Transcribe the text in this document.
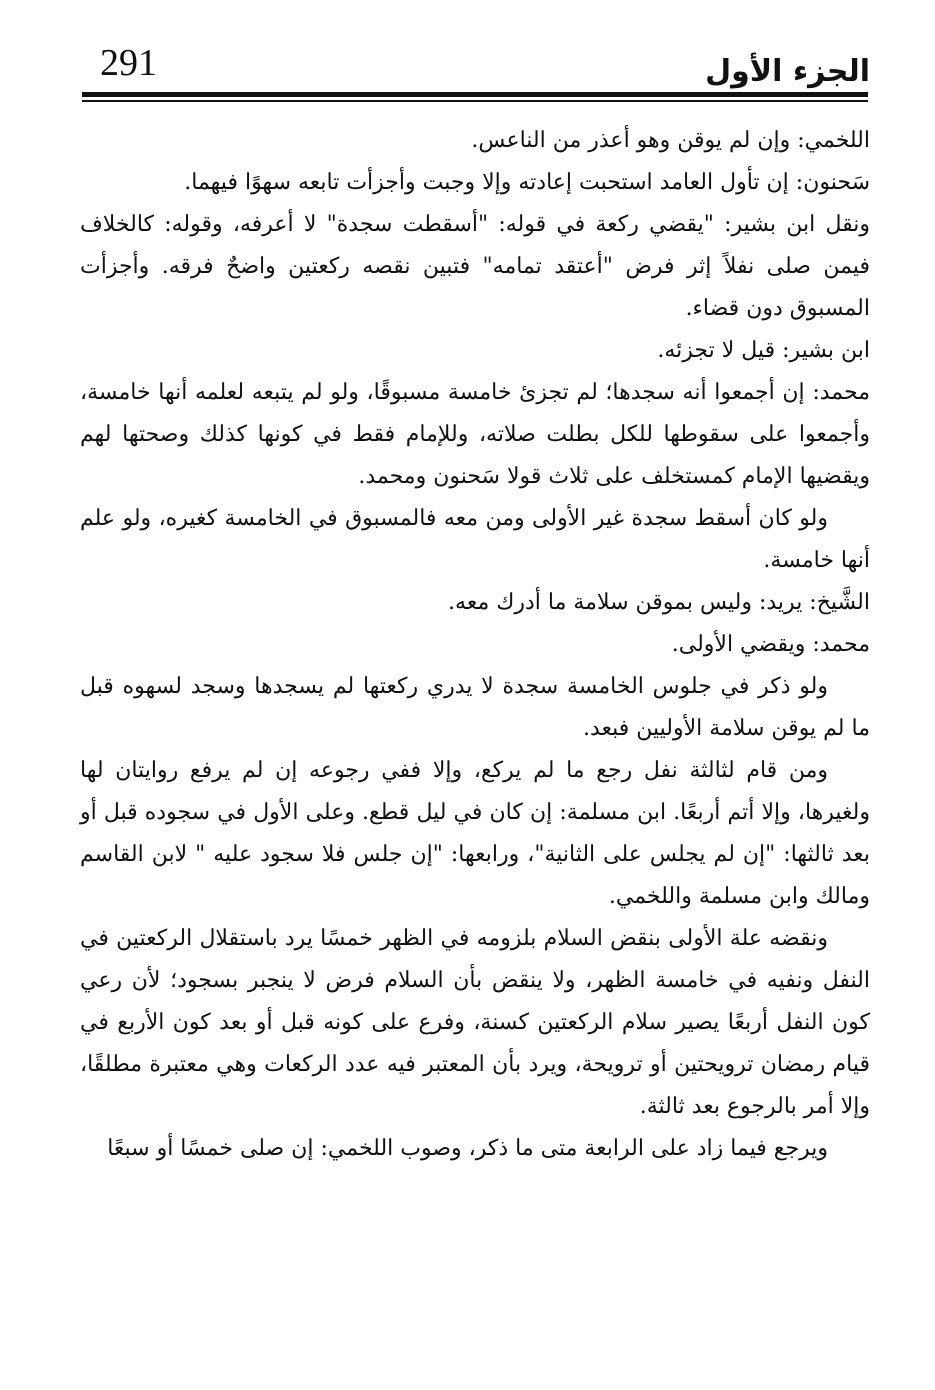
291	الجزء الأول

اللخمي: وإن لم يوقن وهو أعذر من الناعس.

سَحنون: إن تأول العامد استحبت إعادته وإلا وجبت وأجزأت تابعه سهوًا فيهما.

ونقل ابن بشير: "يقضي ركعة في قوله: "أسقطت سجدة" لا أعرفه، وقوله: كالخلاف فيمن صلى نفلاً إثر فرض "أعتقد تمامه" فتبين نقصه ركعتين واضحٌ فرقه. وأجزأت المسبوق دون قضاء.

ابن بشير: قيل لا تجزئه.

محمد: إن أجمعوا أنه سجدها؛ لم تجزئ خامسة مسبوقًا، ولو لم يتبعه لعلمه أنها خامسة، وأجمعوا على سقوطها للكل بطلت صلاته، وللإمام فقط في كونها كذلك وصحتها لهم ويقضيها الإمام كمستخلف على ثلاث قولا سَحنون ومحمد.

ولو كان أسقط سجدة غير الأولى ومن معه فالمسبوق في الخامسة كغيره، ولو علم أنها خامسة.

الشَّيخ: يريد: وليس بموقن سلامة ما أدرك معه.

محمد: ويقضي الأولى.

ولو ذكر في جلوس الخامسة سجدة لا يدري ركعتها لم يسجدها وسجد لسهوه قبل ما لم يوقن سلامة الأوليين فبعد.

ومن قام لثالثة نفل رجع ما لم يركع، وإلا ففي رجوعه إن لم يرفع روايتان لها ولغيرها، وإلا أتم أربعًا. ابن مسلمة: إن كان في ليل قطع. وعلى الأول في سجوده قبل أو بعد ثالثها: "إن لم يجلس على الثانية"، ورابعها: "إن جلس فلا سجود عليه " لابن القاسم ومالك وابن مسلمة واللخمي.

ونقضه علة الأولى بنقض السلام بلزومه في الظهر خمسًا يرد باستقلال الركعتين في النفل ونفيه في خامسة الظهر، ولا ينقض بأن السلام فرض لا ينجبر بسجود؛ لأن رعي كون النفل أربعًا يصير سلام الركعتين كسنة، وفرع على كونه قبل أو بعد كون الأربع في قيام رمضان ترويحتين أو ترويحة، ويرد بأن المعتبر فيه عدد الركعات وهي معتبرة مطلقًا، وإلا أمر بالرجوع بعد ثالثة.

ويرجع فيما زاد على الرابعة متى ما ذكر، وصوب اللخمي: إن صلى خمسًا أو سبعًا
